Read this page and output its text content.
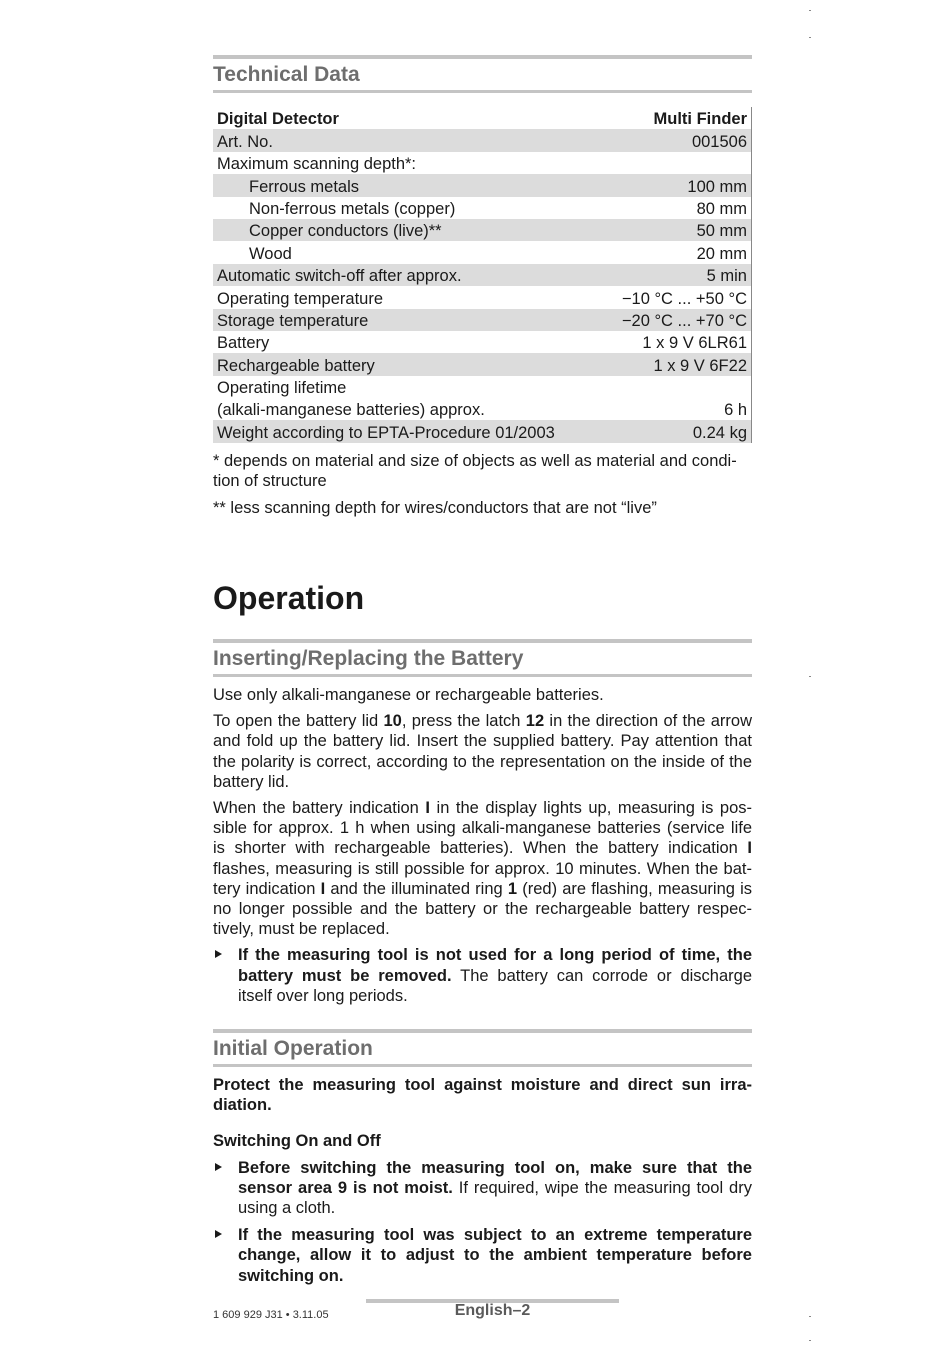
Technical Data
Digital Detector	Multi Finder
Art. No.	001506
Maximum scanning depth*:	
Ferrous metals	100 mm
Non-ferrous metals (copper)	80 mm
Copper conductors (live)**	50 mm
Wood	20 mm
Automatic switch-off after approx.	5 min
Operating temperature	−10 °C ... +50 °C
Storage temperature	−20 °C ... +70 °C
Battery	1 x 9 V 6LR61
Rechargeable battery	1 x 9 V 6F22
Operating lifetime	
(alkali-manganese batteries) approx.	6 h
Weight according to EPTA-Procedure 01/2003	0.24 kg

* depends on material and size of objects as well as material and condi-tion of structure

** less scanning depth for wires/conductors that are not “live”

Operation
Inserting/Replacing the Battery

Use only alkali-manganese or rechargeable batteries.

To open the battery lid 10, press the latch 12 in the direction of the arrow and fold up the battery lid. Insert the supplied battery. Pay attention that the polarity is correct, according to the representation on the inside of the battery lid.

When the battery indication I in the display lights up, measuring is pos-sible for approx. 1 h when using alkali-manganese batteries (service life is shorter with rechargeable batteries). When the battery indication I flashes, measuring is still possible for approx. 10 minutes. When the bat-tery indication I and the illuminated ring 1 (red) are flashing, measuring is no longer possible and the battery or the rechargeable battery respec-tively, must be replaced.

If the measuring tool is not used for a long period of time, the battery must be removed. The battery can corrode or discharge itself over long periods.
Initial Operation

Protect the measuring tool against moisture and direct sun irra-diation.

Switching On and Off

Before switching the measuring tool on, make sure that the sensor area 9 is not moist. If required, wipe the measuring tool dry using a cloth.
If the measuring tool was subject to an extreme temperature change, allow it to adjust to the ambient temperature before switching on.
English–2
1 609 929 J31 • 3.11.05
